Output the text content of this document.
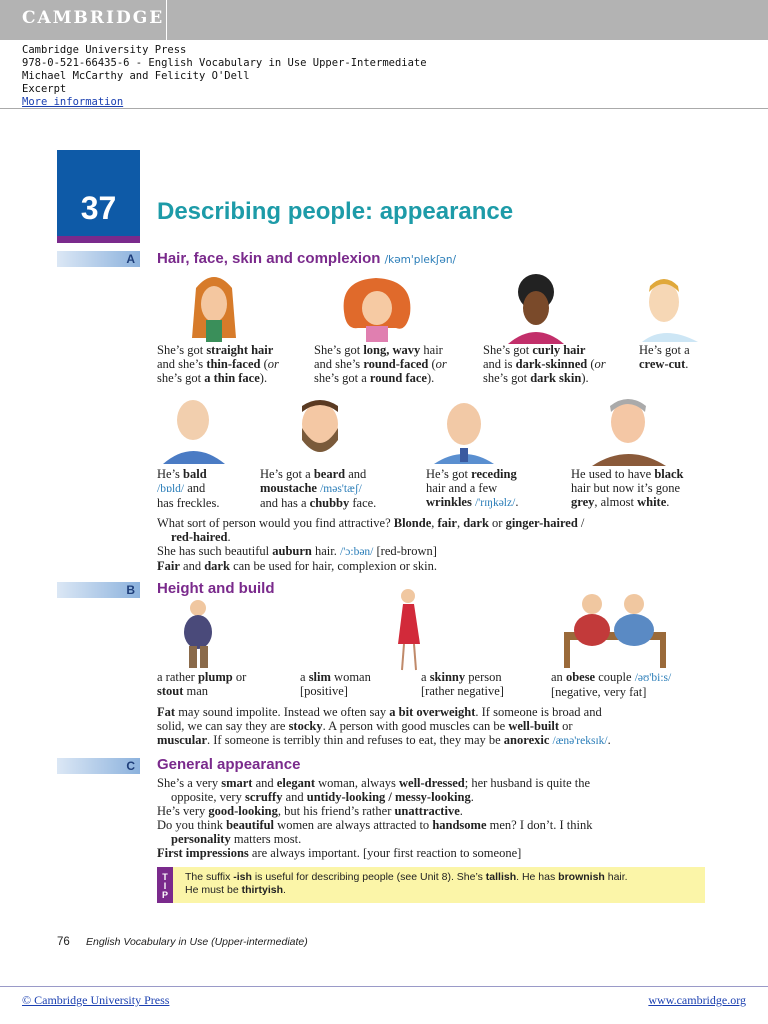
CAMBRIDGE
Cambridge University Press
978-0-521-66435-6 - English Vocabulary in Use Upper-Intermediate
Michael McCarthy and Felicity O'Dell
Excerpt
More information
37	Describing people: appearance
A Hair, face, skin and complexion /kəm'plekʃən/
She’s got straight hair
and she’s thin-faced (or
she’s got a thin face).
She’s got long, wavy hair
and she’s round-faced (or
she’s got a round face).
She’s got curly hair
and is dark-skinned (or
she’s got dark skin).
He’s got a
crew-cut.
He’s bald
/bɒld/ and
has freckles.
He’s got a beard and
moustache /məs'tæʃ/
and has a chubby face.
He’s got receding
hair and a few
wrinkles /'rɪŋkəlz/.
He used to have black
hair but now it’s gone
grey, almost white.
What sort of person would you find attractive? Blonde, fair, dark or ginger-haired /
red-haired.
She has such beautiful auburn hair. /'ɔ:bən/ [red-brown]
Fair and dark can be used for hair, complexion or skin.
B Height and build
a rather plump or
stout man
a slim woman
[positive]
a skinny person
[rather negative]
an obese couple /əʊ'bi:s/
[negative, very fat]
Fat may sound impolite. Instead we often say a bit overweight. If someone is broad and
solid, we can say they are stocky. A person with good muscles can be well-built or
muscular. If someone is terribly thin and refuses to eat, they may be anorexic /ænə'reksɪk/.
C General appearance
She’s a very smart and elegant woman, always well-dressed; her husband is quite the
opposite, very scruffy and untidy-looking / messy-looking.
He’s very good-looking, but his friend’s rather unattractive.
Do you think beautiful women are always attracted to handsome men? I don’t. I think
personality matters most.
First impressions are always important. [your first reaction to someone]
T
I
P
The suffix -ish is useful for describing people (see Unit 8). She’s tallish. He has brownish hair.
He must be thirtyish.
76 English Vocabulary in Use (Upper-intermediate)
© Cambridge University Press	www.cambridge.org
